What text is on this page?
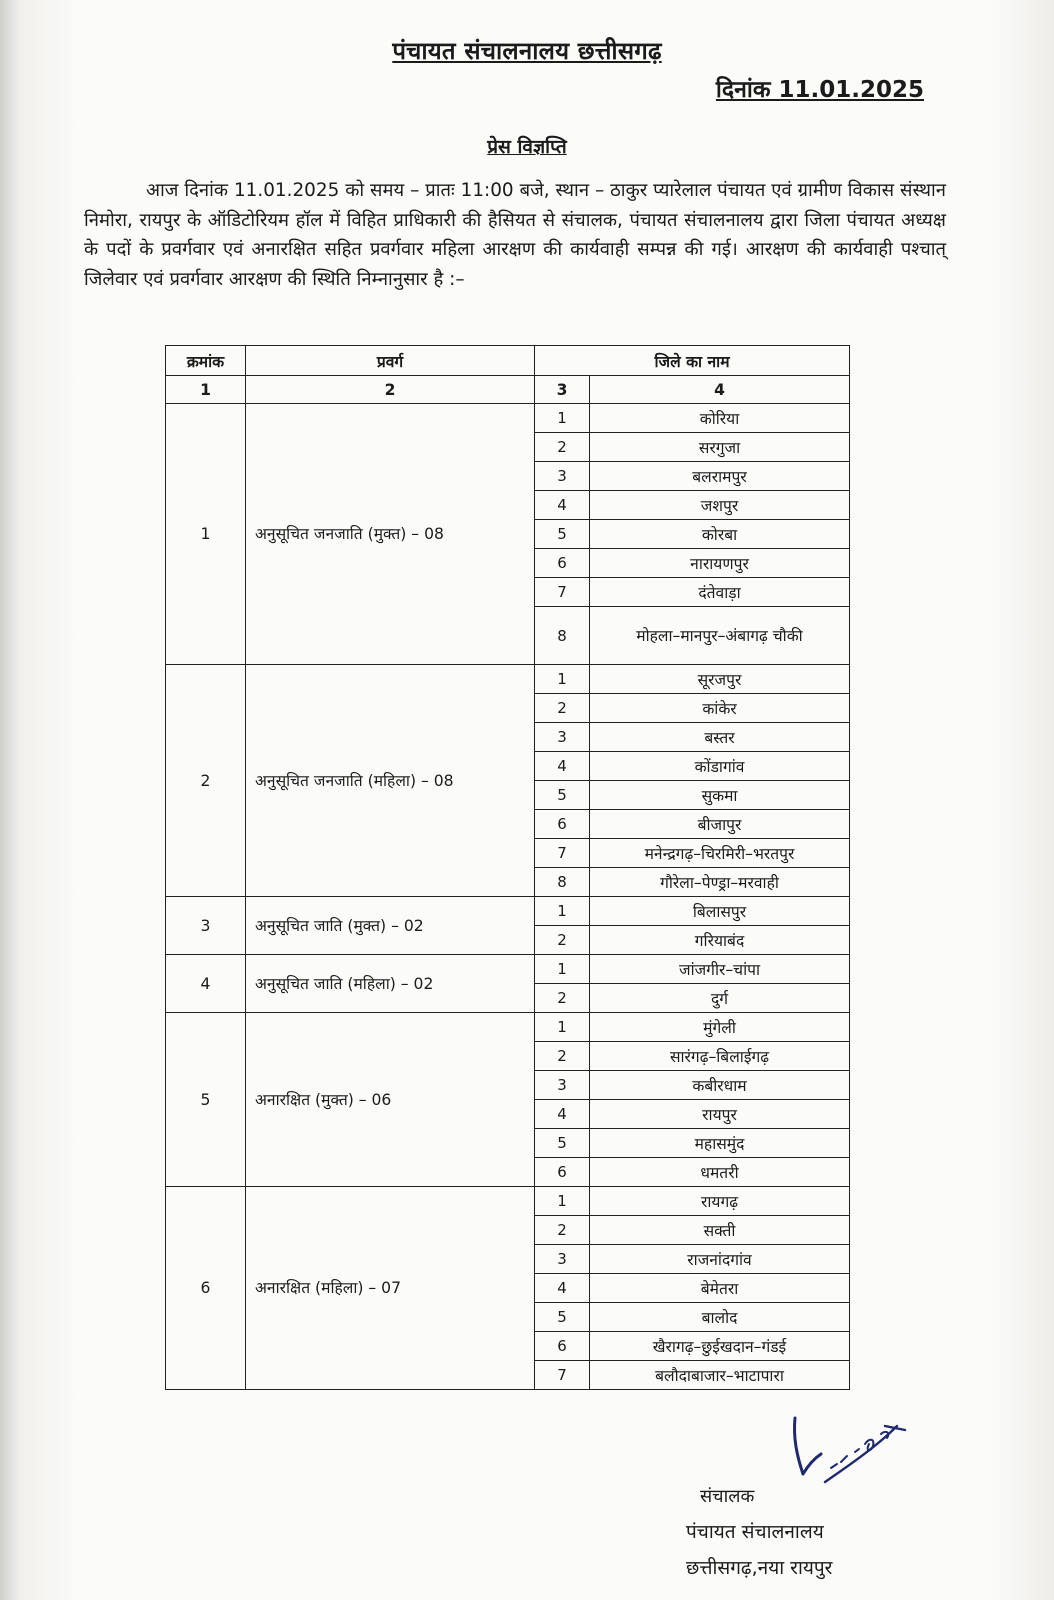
पंचायत संचालनालय छत्तीसगढ़
दिनांक 11.01.2025
प्रेस विज्ञप्ति
आज दिनांक 11.01.2025 को समय – प्रातः 11:00 बजे, स्थान – ठाकुर प्यारेलाल पंचायत एवं ग्रामीण विकास संस्थान निमोरा, रायपुर के ऑडिटोरियम हॉल में विहित प्राधिकारी की हैसियत से संचालक, पंचायत संचालनालय द्वारा जिला पंचायत अध्यक्ष के पदों के प्रवर्गवार एवं अनारक्षित सहित प्रवर्गवार महिला आरक्षण की कार्यवाही सम्पन्न की गई। आरक्षण की कार्यवाही पश्चात् जिलेवार एवं प्रवर्गवार आरक्षण की स्थिति निम्नानुसार है :–
क्रमांक	प्रवर्ग	जिले का नाम	
1	2	3	4
1	अनुसूचित जनजाति (मुक्त) – 08	1	कोरिया
		2	सरगुजा
		3	बलरामपुर
		4	जशपुर
		5	कोरबा
		6	नारायणपुर
		7	दंतेवाड़ा
		8	मोहला–मानपुर–अंबागढ़ चौकी
2	अनुसूचित जनजाति (महिला) – 08	1	सूरजपुर
		2	कांकेर
		3	बस्तर
		4	कोंडागांव
		5	सुकमा
		6	बीजापुर
		7	मनेन्द्रगढ़–चिरमिरी–भरतपुर
		8	गौरेला–पेण्ड्रा–मरवाही
3	अनुसूचित जाति (मुक्त) – 02	1	बिलासपुर
		2	गरियाबंद
4	अनुसूचित जाति (महिला) – 02	1	जांजगीर–चांपा
		2	दुर्ग
5	अनारक्षित (मुक्त) – 06	1	मुंगेली
		2	सारंगढ़–बिलाईगढ़
		3	कबीरधाम
		4	रायपुर
		5	महासमुंद
		6	धमतरी
6	अनारक्षित (महिला) – 07	1	रायगढ़
		2	सक्ती
		3	राजनांदगांव
		4	बेमेतरा
		5	बालोद
		6	खैरागढ़–छुईखदान–गंडई
		7	बलौदाबाजार–भाटापारा
संचालक
पंचायत संचालनालय
छत्तीसगढ़,नया रायपुर
